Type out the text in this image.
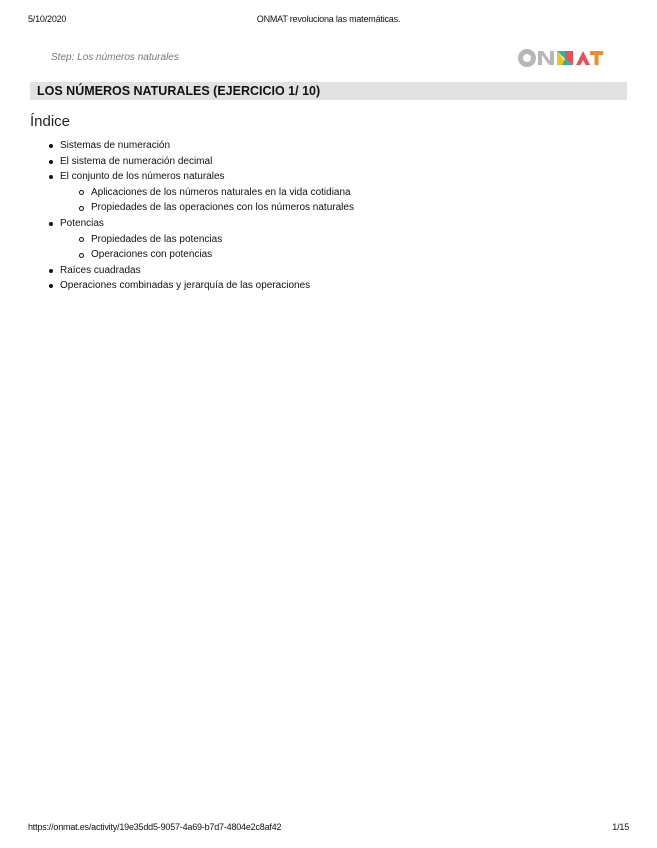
5/10/2020	ONMAT revoluciona las matemáticas.
Step: Los números naturales
LOS NÚMEROS NATURALES (EJERCICIO 1/ 10)
Índice
Sistemas de numeración
El sistema de numeración decimal
El conjunto de los números naturales
Aplicaciones de los números naturales en la vida cotidiana
Propiedades de las operaciones con los números naturales
Potencias
Propiedades de las potencias
Operaciones con potencias
Raíces cuadradas
Operaciones combinadas y jerarquía de las operaciones
https://onmat.es/activity/19e35dd5-9057-4a69-b7d7-4804e2c8af42	1/15
